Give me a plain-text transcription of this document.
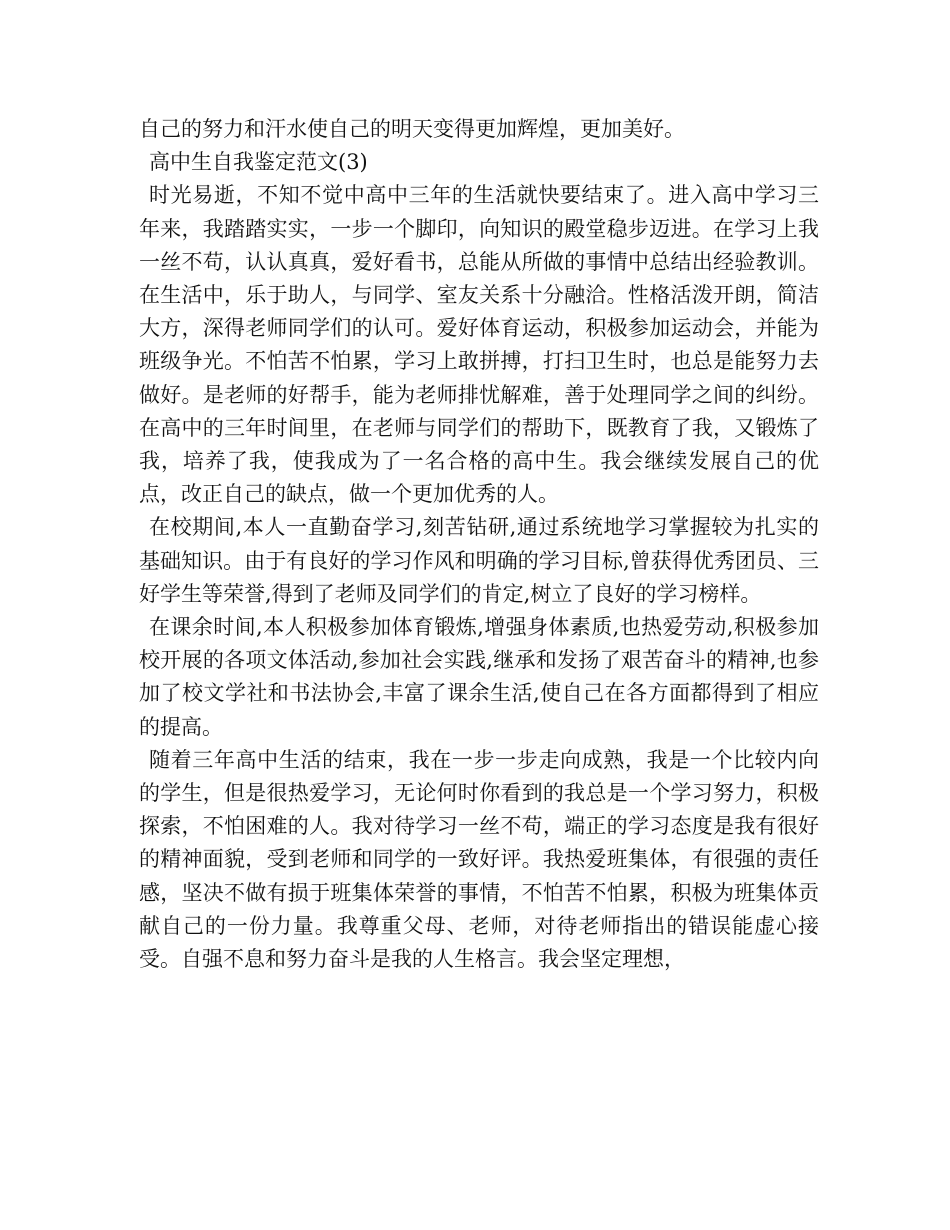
自己的努力和汗水使自己的明天变得更加辉煌，更加美好。

高中生自我鉴定范文(3)

时光易逝，不知不觉中高中三年的生活就快要结束了。进入高中学习三年来，我踏踏实实，一步一个脚印，向知识的殿堂稳步迈进。在学习上我一丝不苟，认认真真，爱好看书，总能从所做的事情中总结出经验教训。在生活中，乐于助人，与同学、室友关系十分融洽。性格活泼开朗，简洁大方，深得老师同学们的认可。爱好体育运动，积极参加运动会，并能为班级争光。不怕苦不怕累，学习上敢拼搏，打扫卫生时，也总是能努力去做好。是老师的好帮手，能为老师排忧解难，善于处理同学之间的纠纷。在高中的三年时间里，在老师与同学们的帮助下，既教育了我，又锻炼了我，培养了我，使我成为了一名合格的高中生。我会继续发展自己的优点，改正自己的缺点，做一个更加优秀的人。

在校期间,本人一直勤奋学习,刻苦钻研,通过系统地学习掌握较为扎实的基础知识。由于有良好的学习作风和明确的学习目标,曾获得优秀团员、三好学生等荣誉,得到了老师及同学们的肯定,树立了良好的学习榜样。

在课余时间,本人积极参加体育锻炼,增强身体素质,也热爱劳动,积极参加校开展的各项文体活动,参加社会实践,继承和发扬了艰苦奋斗的精神,也参加了校文学社和书法协会,丰富了课余生活,使自己在各方面都得到了相应的提高。

随着三年高中生活的结束，我在一步一步走向成熟，我是一个比较内向的学生，但是很热爱学习，无论何时你看到的我总是一个学习努力，积极探索，不怕困难的人。我对待学习一丝不苟，端正的学习态度是我有很好的精神面貌，受到老师和同学的一致好评。我热爱班集体，有很强的责任感，坚决不做有损于班集体荣誉的事情，不怕苦不怕累，积极为班集体贡献自己的一份力量。我尊重父母、老师，对待老师指出的错误能虚心接受。自强不息和努力奋斗是我的人生格言。我会坚定理想，
